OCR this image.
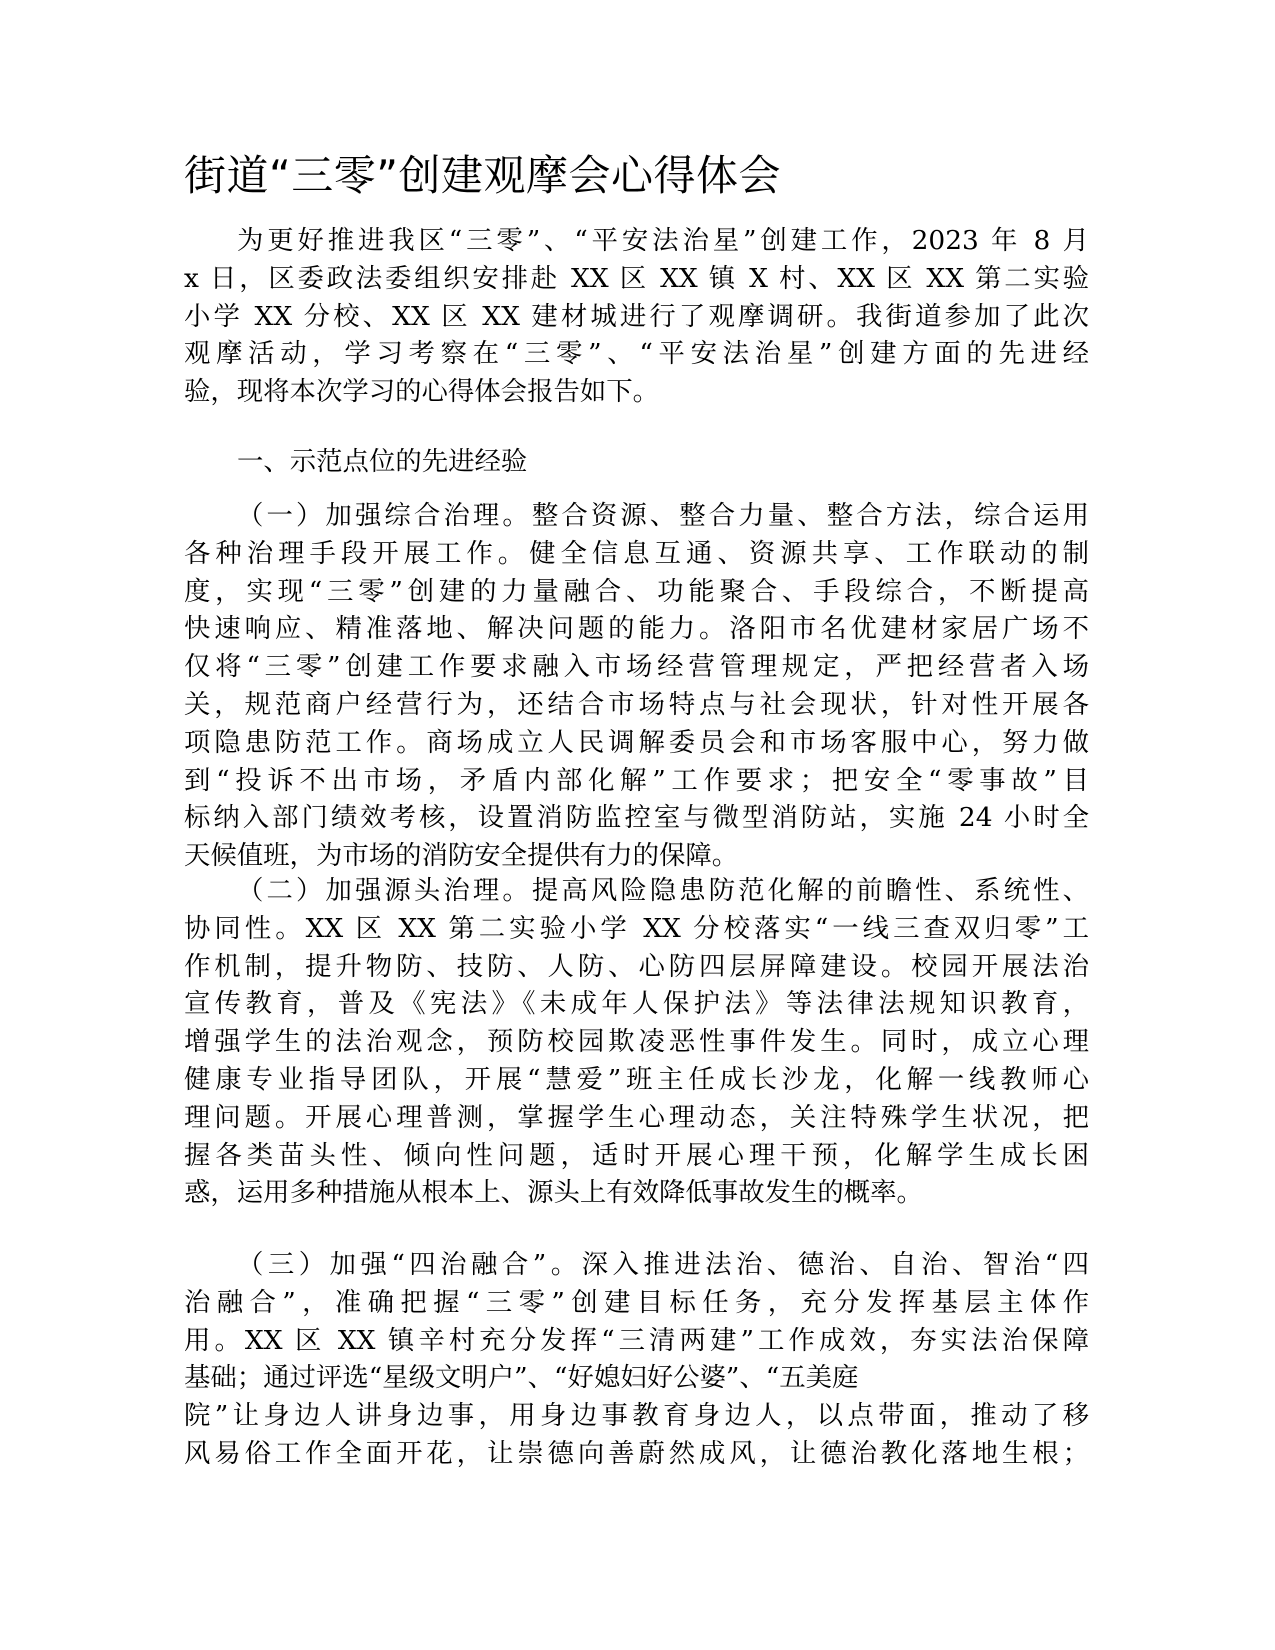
街道“三零”创建观摩会心得体会
为更好推进我区“三零”、“平安法治星”创建工作，2023 年 8 月
x 日，区委政法委组织安排赴 XX 区 XX 镇 X 村、XX 区 XX 第二实验
小学 XX 分校、XX 区 XX 建材城进行了观摩调研。我街道参加了此次
观摩活动，学习考察在“三零”、“平安法治星”创建方面的先进经
验，现将本次学习的心得体会报告如下。
一、示范点位的先进经验
（一）加强综合治理。整合资源、整合力量、整合方法，综合运用
各种治理手段开展工作。健全信息互通、资源共享、工作联动的制
度，实现“三零”创建的力量融合、功能聚合、手段综合，不断提高
快速响应、精准落地、解决问题的能力。洛阳市名优建材家居广场不
仅将“三零”创建工作要求融入市场经营管理规定，严把经营者入场
关，规范商户经营行为，还结合市场特点与社会现状，针对性开展各
项隐患防范工作。商场成立人民调解委员会和市场客服中心，努力做
到“投诉不出市场，矛盾内部化解”工作要求；把安全“零事故”目
标纳入部门绩效考核，设置消防监控室与微型消防站，实施 24 小时全
天候值班，为市场的消防安全提供有力的保障。
（二）加强源头治理。提高风险隐患防范化解的前瞻性、系统性、
协同性。XX 区 XX 第二实验小学 XX 分校落实“一线三查双归零”工
作机制，提升物防、技防、人防、心防四层屏障建设。校园开展法治
宣传教育，普及《宪法》《未成年人保护法》等法律法规知识教育，
增强学生的法治观念，预防校园欺凌恶性事件发生。同时，成立心理
健康专业指导团队，开展“慧爱”班主任成长沙龙，化解一线教师心
理问题。开展心理普测，掌握学生心理动态，关注特殊学生状况，把
握各类苗头性、倾向性问题，适时开展心理干预，化解学生成长困
惑，运用多种措施从根本上、源头上有效降低事故发生的概率。
（三）加强“四治融合”。深入推进法治、德治、自治、智治“四
治融合”，准确把握“三零”创建目标任务，充分发挥基层主体作
用。XX 区 XX 镇辛村充分发挥“三清两建”工作成效，夯实法治保障
基础；通过评选“星级文明户”、“好媳妇好公婆”、“五美庭
院”让身边人讲身边事，用身边事教育身边人，以点带面，推动了移
风易俗工作全面开花，让崇德向善蔚然成风，让德治教化落地生根；
